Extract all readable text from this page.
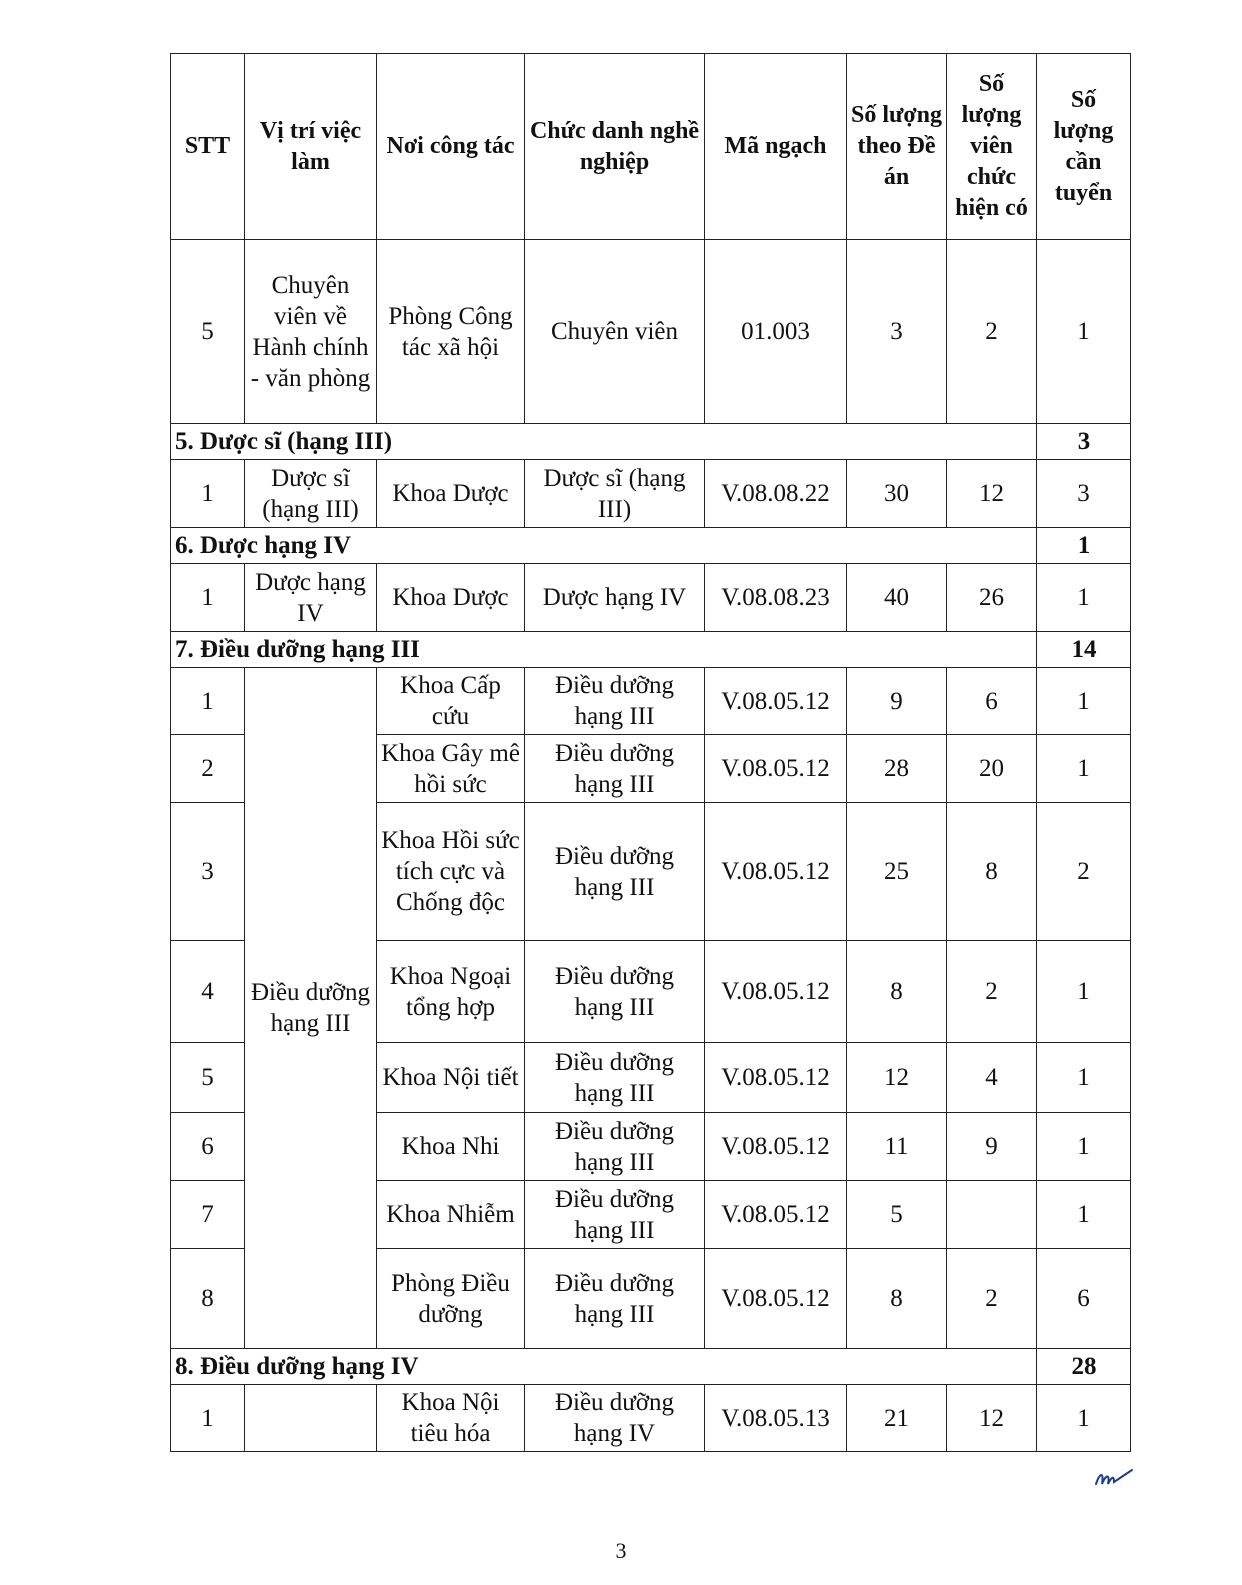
STT	Vị trí việc làm	Nơi công tác	Chức danh nghề nghiệp	Mã ngạch	Số lượng theo Đề án	Số lượng viên chức hiện có	Số lượng cần tuyển
5	Chuyên viên về Hành chính - văn phòng	Phòng Công tác xã hội	Chuyên viên	01.003	3	2	1
5. Dược sĩ (hạng III)							3
1	Dược sĩ (hạng III)	Khoa Dược	Dược sĩ (hạng III)	V.08.08.22	30	12	3
6. Dược hạng IV							1
1	Dược hạng IV	Khoa Dược	Dược hạng IV	V.08.08.23	40	26	1
7. Điều dưỡng hạng III							14
1	Điều dưỡng hạng III	Khoa Cấp cứu	Điều dưỡng hạng III	V.08.05.12	9	6	1
2		Khoa Gây mê hồi sức	Điều dưỡng hạng III	V.08.05.12	28	20	1
3		Khoa Hồi sức tích cực và Chống độc	Điều dưỡng hạng III	V.08.05.12	25	8	2
4		Khoa Ngoại tổng hợp	Điều dưỡng hạng III	V.08.05.12	8	2	1
5		Khoa Nội tiết	Điều dưỡng hạng III	V.08.05.12	12	4	1
6		Khoa Nhi	Điều dưỡng hạng III	V.08.05.12	11	9	1
7		Khoa Nhiễm	Điều dưỡng hạng III	V.08.05.12	5		1
8		Phòng Điều dưỡng	Điều dưỡng hạng III	V.08.05.12	8	2	6
8. Điều dưỡng hạng IV							28
1		Khoa Nội tiêu hóa	Điều dưỡng hạng IV	V.08.05.13	21	12	1
3
